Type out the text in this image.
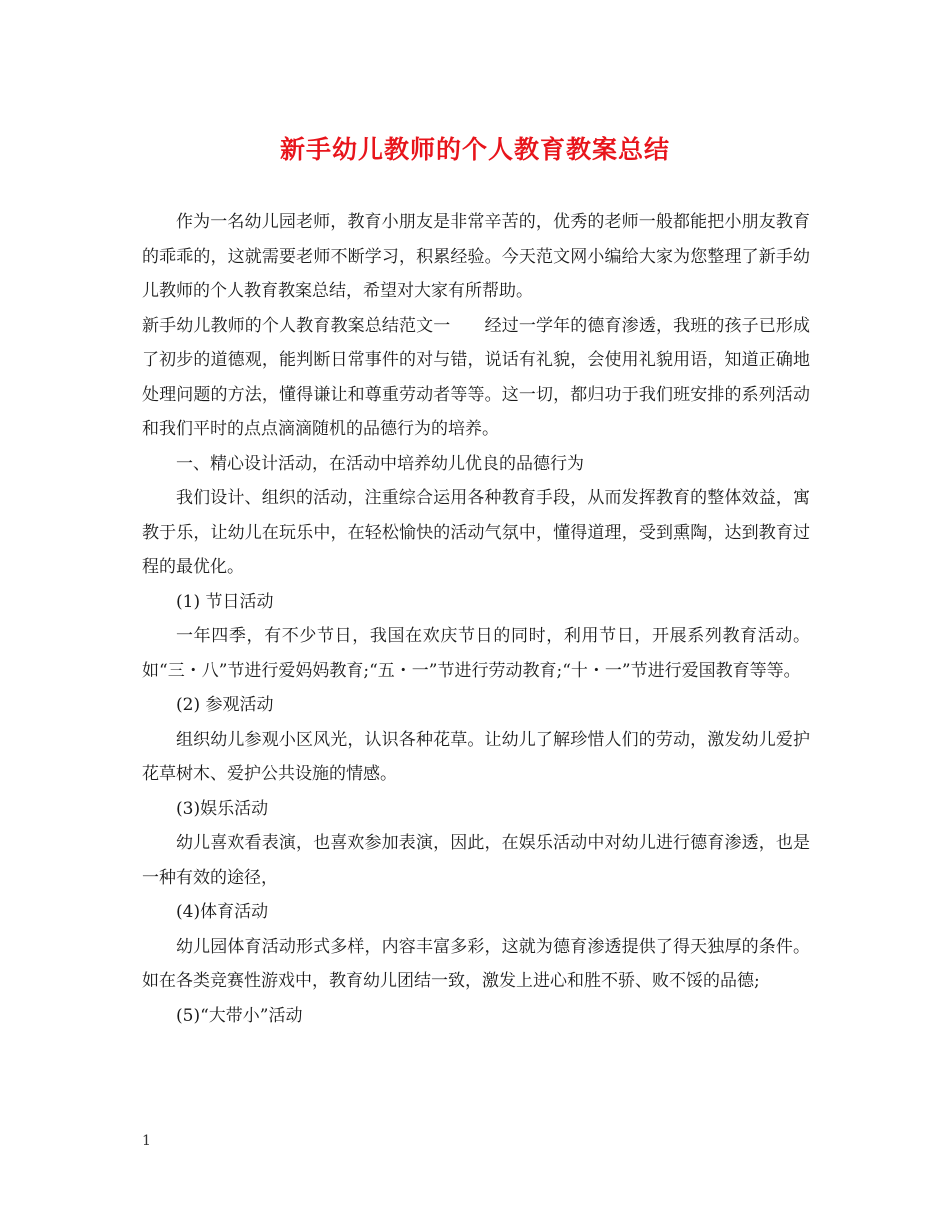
新手幼儿教师的个人教育教案总结

作为一名幼儿园老师，教育小朋友是非常辛苦的，优秀的老师一般都能把小朋友教育的乖乖的，这就需要老师不断学习，积累经验。今天范文网小编给大家为您整理了新手幼儿教师的个人教育教案总结，希望对大家有所帮助。

新手幼儿教师的个人教育教案总结范文一　　经过一学年的德育渗透，我班的孩子已形成了初步的道德观，能判断日常事件的对与错，说话有礼貌，会使用礼貌用语，知道正确地处理问题的方法，懂得谦让和尊重劳动者等等。这一切，都归功于我们班安排的系列活动和我们平时的点点滴滴随机的品德行为的培养。

一、精心设计活动，在活动中培养幼儿优良的品德行为

我们设计、组织的活动，注重综合运用各种教育手段，从而发挥教育的整体效益，寓教于乐，让幼儿在玩乐中，在轻松愉快的活动气氛中，懂得道理，受到熏陶，达到教育过程的最优化。

(1) 节日活动

一年四季，有不少节日，我国在欢庆节日的同时，利用节日，开展系列教育活动。如“三・八”节进行爱妈妈教育;“五・一”节进行劳动教育;“十・一”节进行爱国教育等等。

(2) 参观活动

组织幼儿参观小区风光，认识各种花草。让幼儿了解珍惜人们的劳动，激发幼儿爱护花草树木、爱护公共设施的情感。

(3)娱乐活动

幼儿喜欢看表演，也喜欢参加表演，因此，在娱乐活动中对幼儿进行德育渗透，也是一种有效的途径，

(4)体育活动

幼儿园体育活动形式多样，内容丰富多彩，这就为德育渗透提供了得天独厚的条件。如在各类竞赛性游戏中，教育幼儿团结一致，激发上进心和胜不骄、败不馁的品德;

(5)“大带小”活动

1
